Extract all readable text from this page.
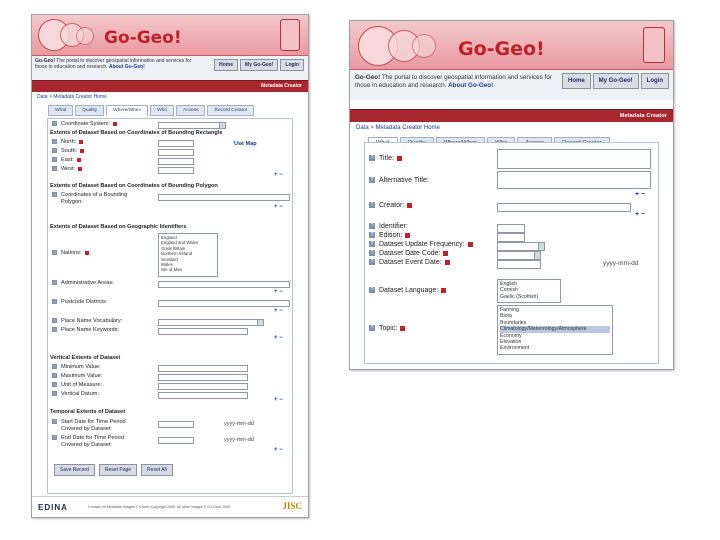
Go-Geo!
Go-Geo! The portal to discover geospatial information and services for those in education and research. About Go-Geo!	Home	My Go-Geo!	Login
Metadata Creator
Data > Metadata Creator Home
What	Quality	Where/When	Who	Access	Record Creator
? Coordinate System:
Extents of Dataset Based on Coordinates of Bounding Rectangle
? North:
? South:
? East:
? West:
Use Map
+ −
Extents of Dataset Based on Coordinates of Bounding Polygon
? Coordinates of a Bounding
Polygon:
+ −
Extents of Dataset Based on Geographic Identifiers
? Nations:
England
England and Wales
Great Britain
Northern Ireland
Scotland
Wales
Isle of Man
? Administrative Areas:
+ −
? Postcode Districts:
+ −
? Place Name Vocabulary:
? Place Name Keywords:
+ −
Vertical Extents of Dataset
? Minimum Value:
? Maximum Value:
? Unit of Measure:
? Vertical Datum:
+ −
Temporal Extents of Dataset
? Start Date for Time Period
Covered by Dataset:
yyyy-mm-dd
? End Date for Time Period
Covered by Dataset:
yyyy-mm-dd
+ −
Save Record	Reset Page	Reset All
EDINA	Contact Us Metadata Images © Crown Copyright 2005. All other images © Go-Geo! 2005	JISC
Go-Geo!
Go-Geo! The portal to discover geospatial information and services for those in education and research. About Go-Geo!
Home	My Go-Geo!	Login
Metadata Creator
Data > Metadata Creator Home
? Title:
? Alternative Title:
+ −
? Creator:
+ −
? Identifier:
? Edition:
? Dataset Update Frequency:
? Dataset Date Code:
? Dataset Event Date:	yyyy-mm-dd
? Dataset Language:
English
Cornish
Gaelic (Scottish)
? Topic:
Farming
Biota
Boundaries
Climatology/Meteorology/Atmosphere
Economy
Elevation
Environment
